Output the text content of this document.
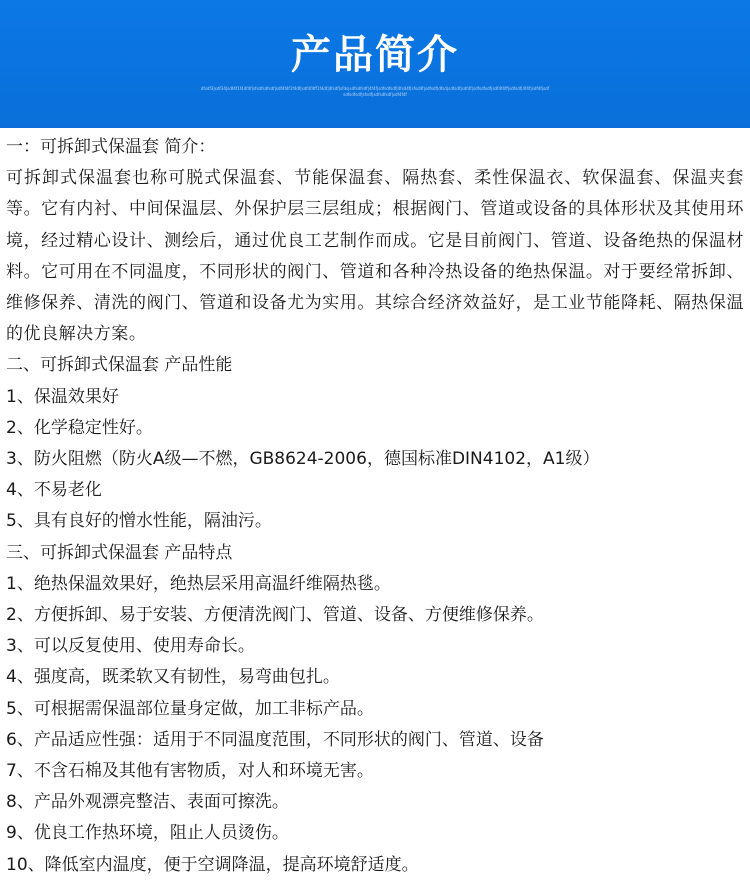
产品简介
dfsdf3|sdf34|sdf4f1f4df4f|sfsdfsdfsdf|sdf4f4f1f4df|sdf4f4ff1f4df|4fsdf|sfds|sdfsdfsdf|4f4f|sdfsdfsdf|4fsd4f|sfsd4f|sdfsdf|dfsd|sdfsdf|sdf4f|sdfsdfsdf|sdf4f4ff|sdfsdf|4f4f|sdf4f|sdfsdfsdfsdf|sfsdf|sdfsdfsdf|sdf4f4f

一：可拆卸式保温套 简介：

可拆卸式保温套也称可脱式保温套、节能保温套、隔热套、柔性保温衣、软保温套、保温夹套等。它有内衬、中间保温层、外保护层三层组成；根据阀门、管道或设备的具体形状及其使用环境，经过精心设计、测绘后，通过优良工艺制作而成。它是目前阀门、管道、设备绝热的保温材料。它可用在不同温度，不同形状的阀门、管道和各种冷热设备的绝热保温。对于要经常拆卸、维修保养、清洗的阀门、管道和设备尤为实用。其综合经济效益好，是工业节能降耗、隔热保温的优良解决方案。

二、可拆卸式保温套 产品性能

1、保温效果好

2、化学稳定性好。

3、防火阻燃（防火A级—不燃，GB8624-2006，德国标准DIN4102，A1级）

4、不易老化

5、具有良好的憎水性能，隔油污。

三、可拆卸式保温套 产品特点

1、绝热保温效果好，绝热层采用高温纤维隔热毯。

2、方便拆卸、易于安装、方便清洗阀门、管道、设备、方便维修保养。

3、可以反复使用、使用寿命长。

4、强度高，既柔软又有韧性，易弯曲包扎。

5、可根据需保温部位量身定做，加工非标产品。

6、产品适应性强：适用于不同温度范围，不同形状的阀门、管道、设备

7、不含石棉及其他有害物质，对人和环境无害。

8、产品外观漂亮整洁、表面可擦洗。

9、优良工作热环境，阻止人员烫伤。

10、降低室内温度，便于空调降温，提高环境舒适度。
